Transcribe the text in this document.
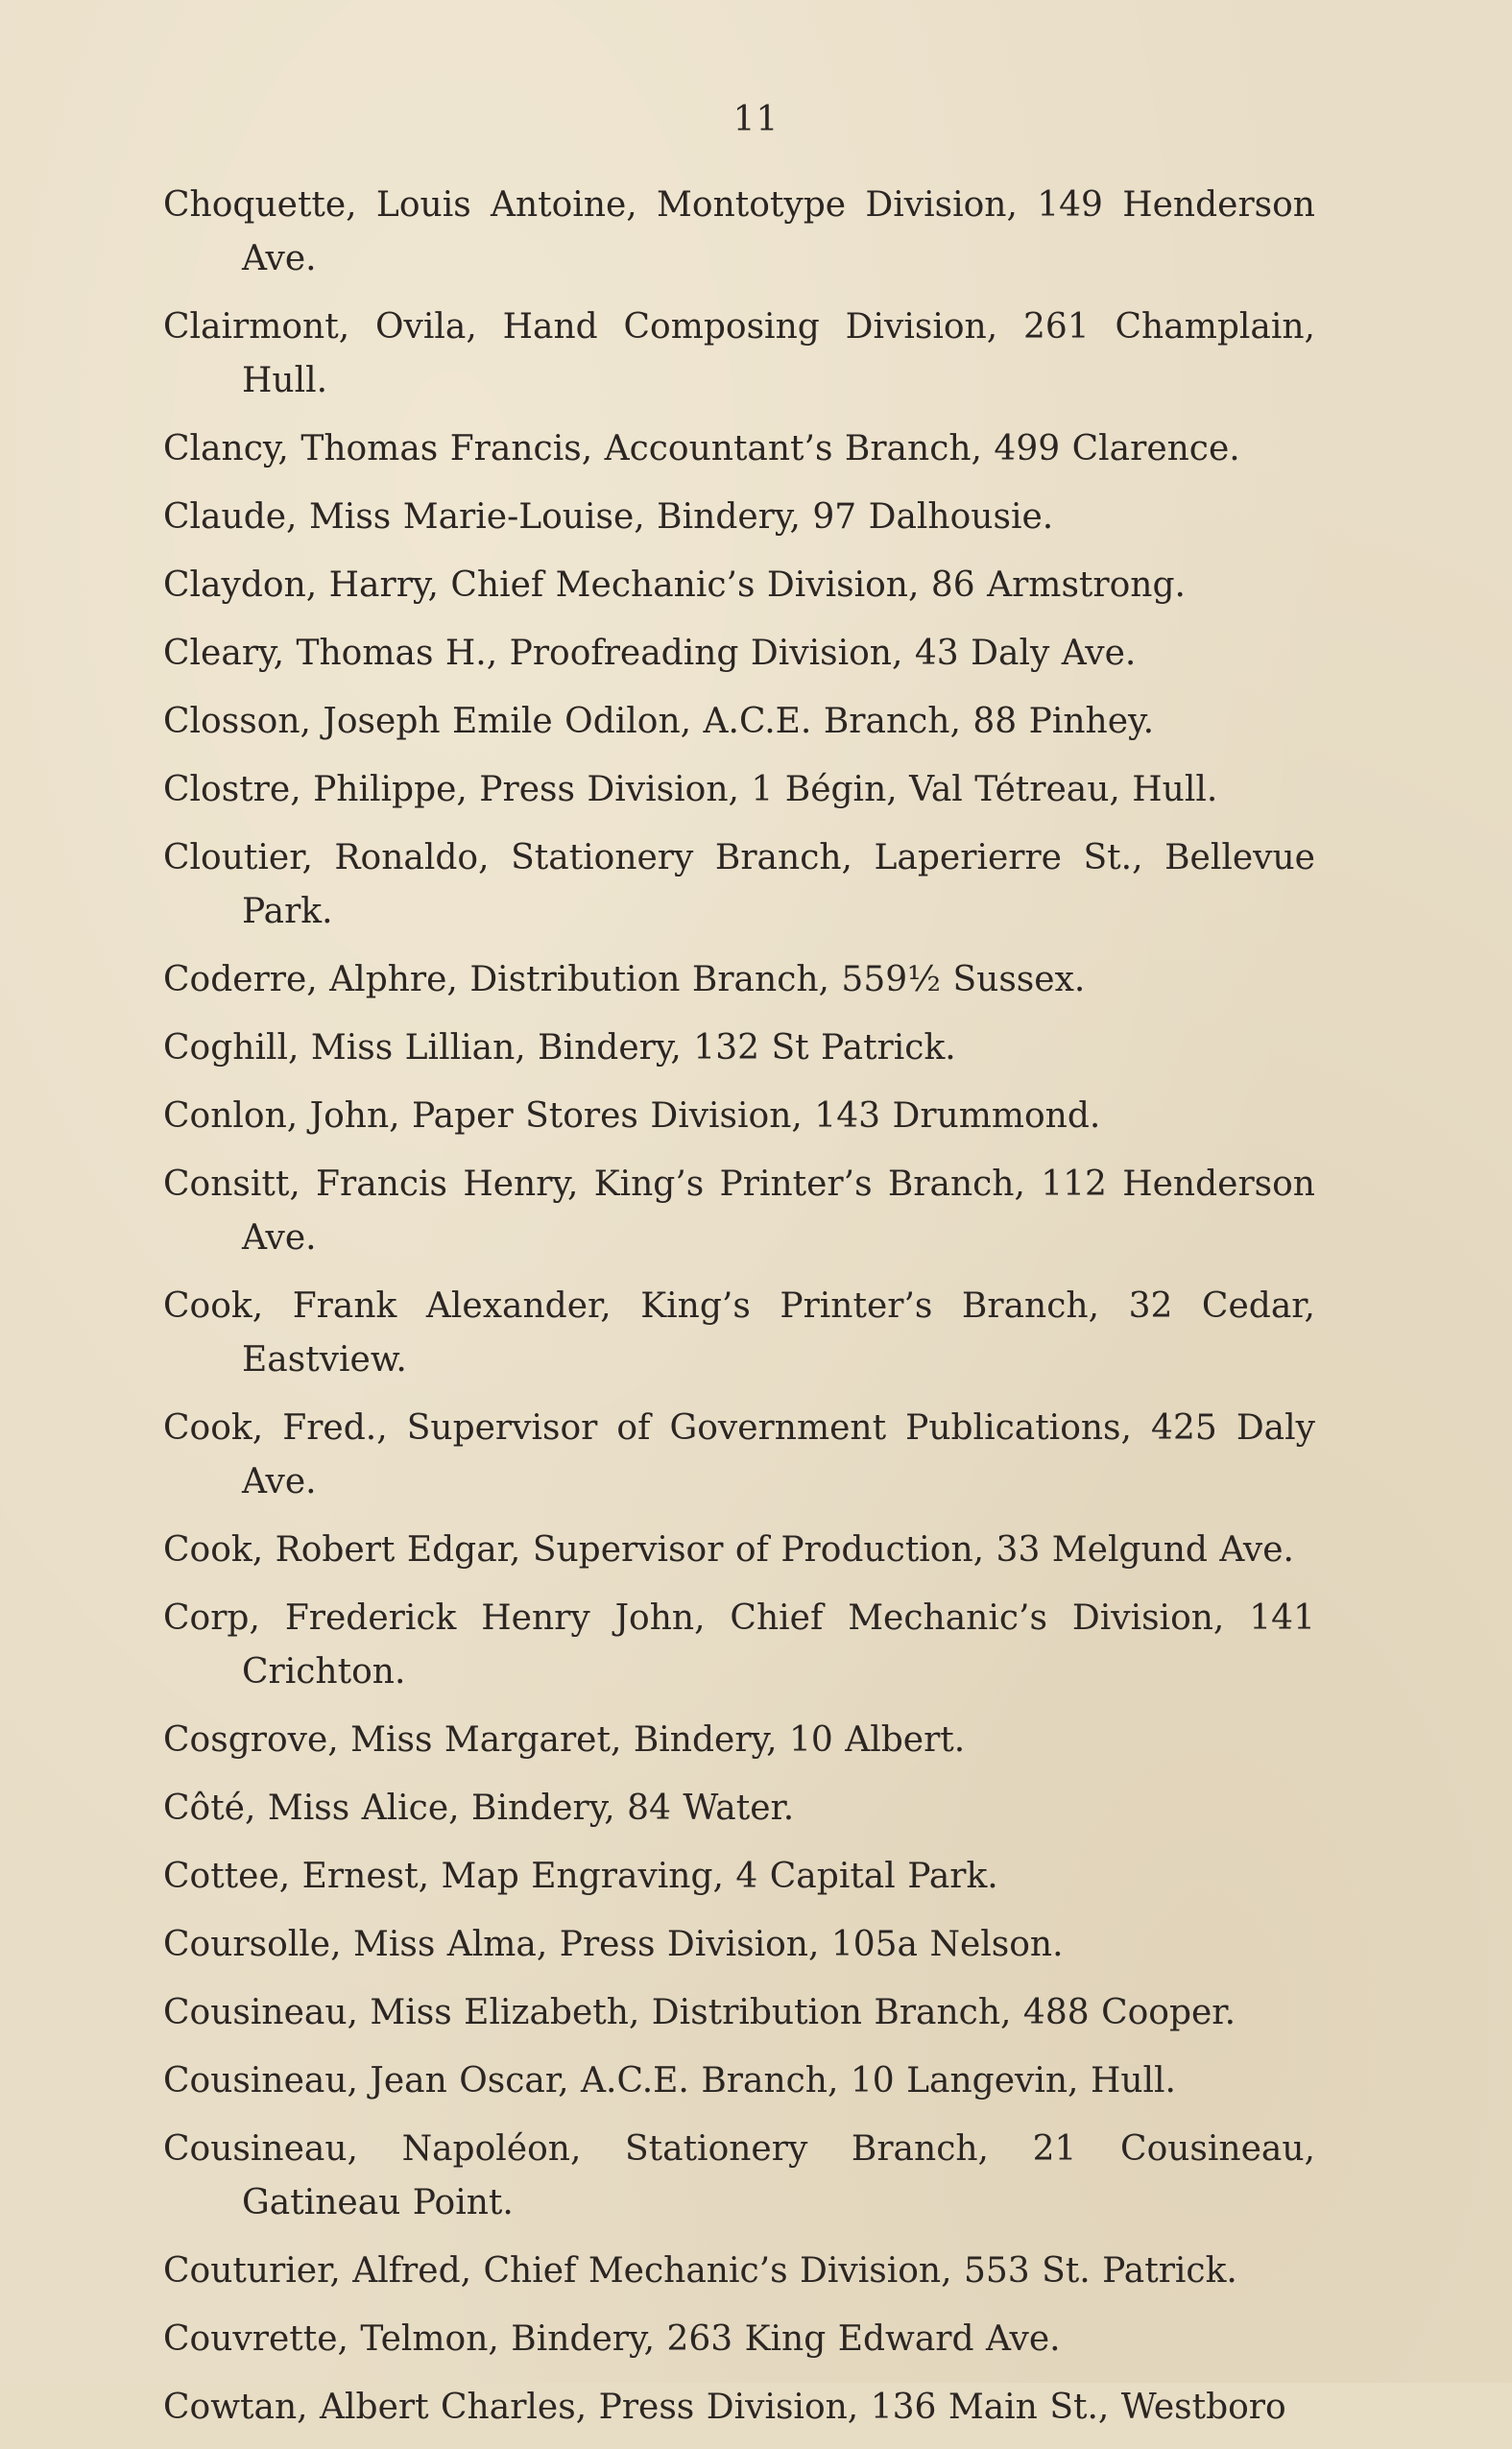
11
Choquette, Louis Antoine, Montotype Division, 149 Henderson Ave.
Clairmont, Ovila, Hand Composing Division, 261 Champlain, Hull.
Clancy, Thomas Francis, Accountant’s Branch, 499 Clarence.
Claude, Miss Marie-Louise, Bindery, 97 Dalhousie.
Claydon, Harry, Chief Mechanic’s Division, 86 Armstrong.
Cleary, Thomas H., Proofreading Division, 43 Daly Ave.
Closson, Joseph Emile Odilon, A.C.E. Branch, 88 Pinhey.
Clostre, Philippe, Press Division, 1 Bégin, Val Tétreau, Hull.
Cloutier, Ronaldo, Stationery Branch, Laperierre St., Bellevue Park.
Coderre, Alphre, Distribution Branch, 559½ Sussex.
Coghill, Miss Lillian, Bindery, 132 St Patrick.
Conlon, John, Paper Stores Division, 143 Drummond.
Consitt, Francis Henry, King’s Printer’s Branch, 112 Henderson Ave.
Cook, Frank Alexander, King’s Printer’s Branch, 32 Cedar, Eastview.
Cook, Fred., Supervisor of Government Publications, 425 Daly Ave.
Cook, Robert Edgar, Supervisor of Production, 33 Melgund Ave.
Corp, Frederick Henry John, Chief Mechanic’s Division, 141 Crichton.
Cosgrove, Miss Margaret, Bindery, 10 Albert.
Côté, Miss Alice, Bindery, 84 Water.
Cottee, Ernest, Map Engraving, 4 Capital Park.
Coursolle, Miss Alma, Press Division, 105a Nelson.
Cousineau, Miss Elizabeth, Distribution Branch, 488 Cooper.
Cousineau, Jean Oscar, A.C.E. Branch, 10 Langevin, Hull.
Cousineau, Napoléon, Stationery Branch, 21 Cousineau, Gatineau Point.
Couturier, Alfred, Chief Mechanic’s Division, 553 St. Patrick.
Couvrette, Telmon, Bindery, 263 King Edward Ave.
Cowtan, Albert Charles, Press Division, 136 Main St., Westboro
